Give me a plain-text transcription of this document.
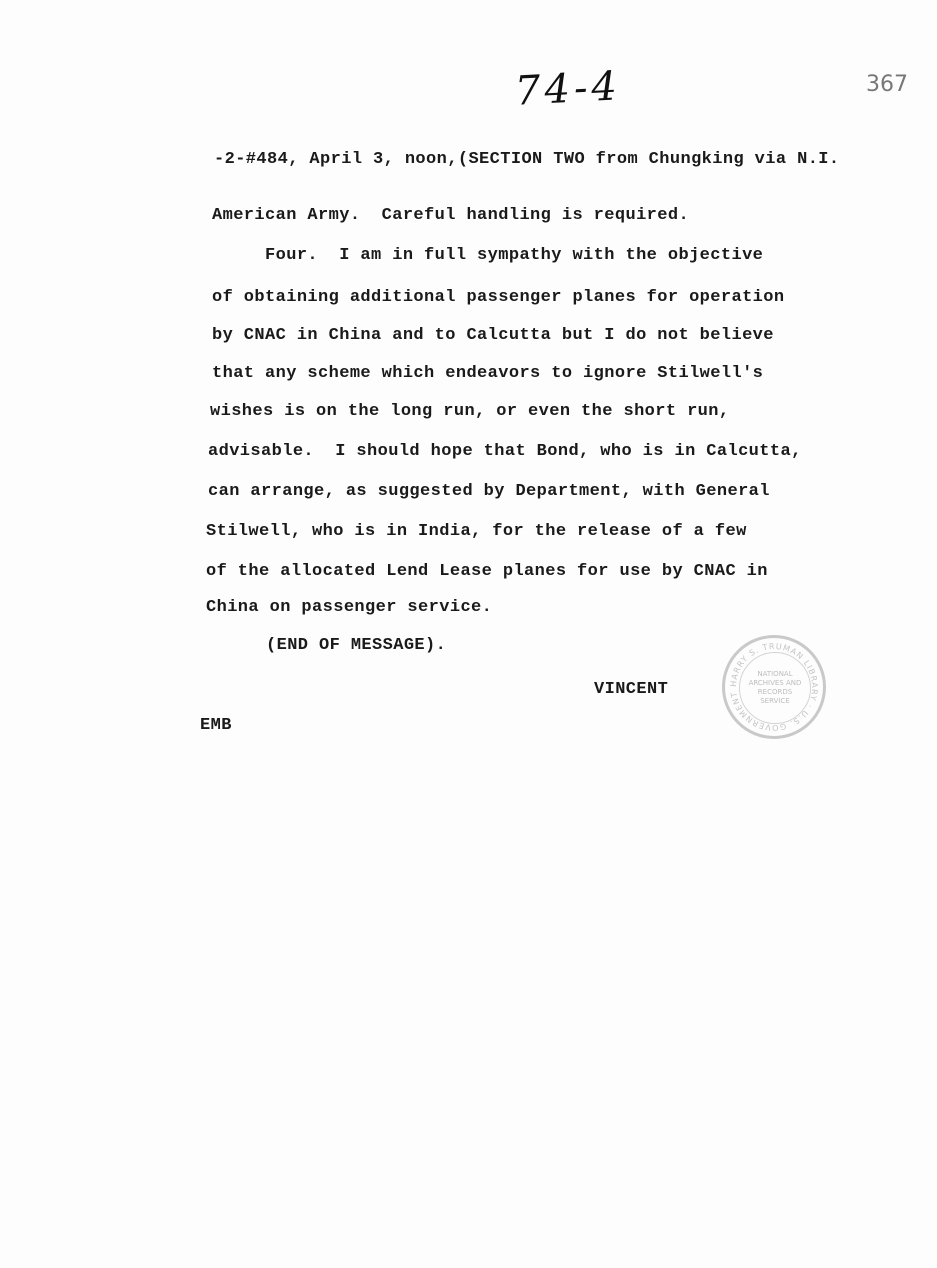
74-4	367
-2-#484, April 3, noon,(SECTION TWO from Chungking via N.I.
American Army.  Careful handling is required.
Four.  I am in full sympathy with the objective
of obtaining additional passenger planes for operation
by CNAC in China and to Calcutta but I do not believe
that any scheme which endeavors to ignore Stilwell's
wishes is on the long run, or even the short run,
advisable.  I should hope that Bond, who is in Calcutta,
can arrange, as suggested by Department, with General
Stilwell, who is in India, for the release of a few
of the allocated Lend Lease planes for use by CNAC in
China on passenger service.
(END OF MESSAGE).
VINCENT
EMB
HARRY S. TRUMAN LIBRARY · U.S. GOVERNMENT
NATIONAL
ARCHIVES AND
RECORDS
SERVICE
